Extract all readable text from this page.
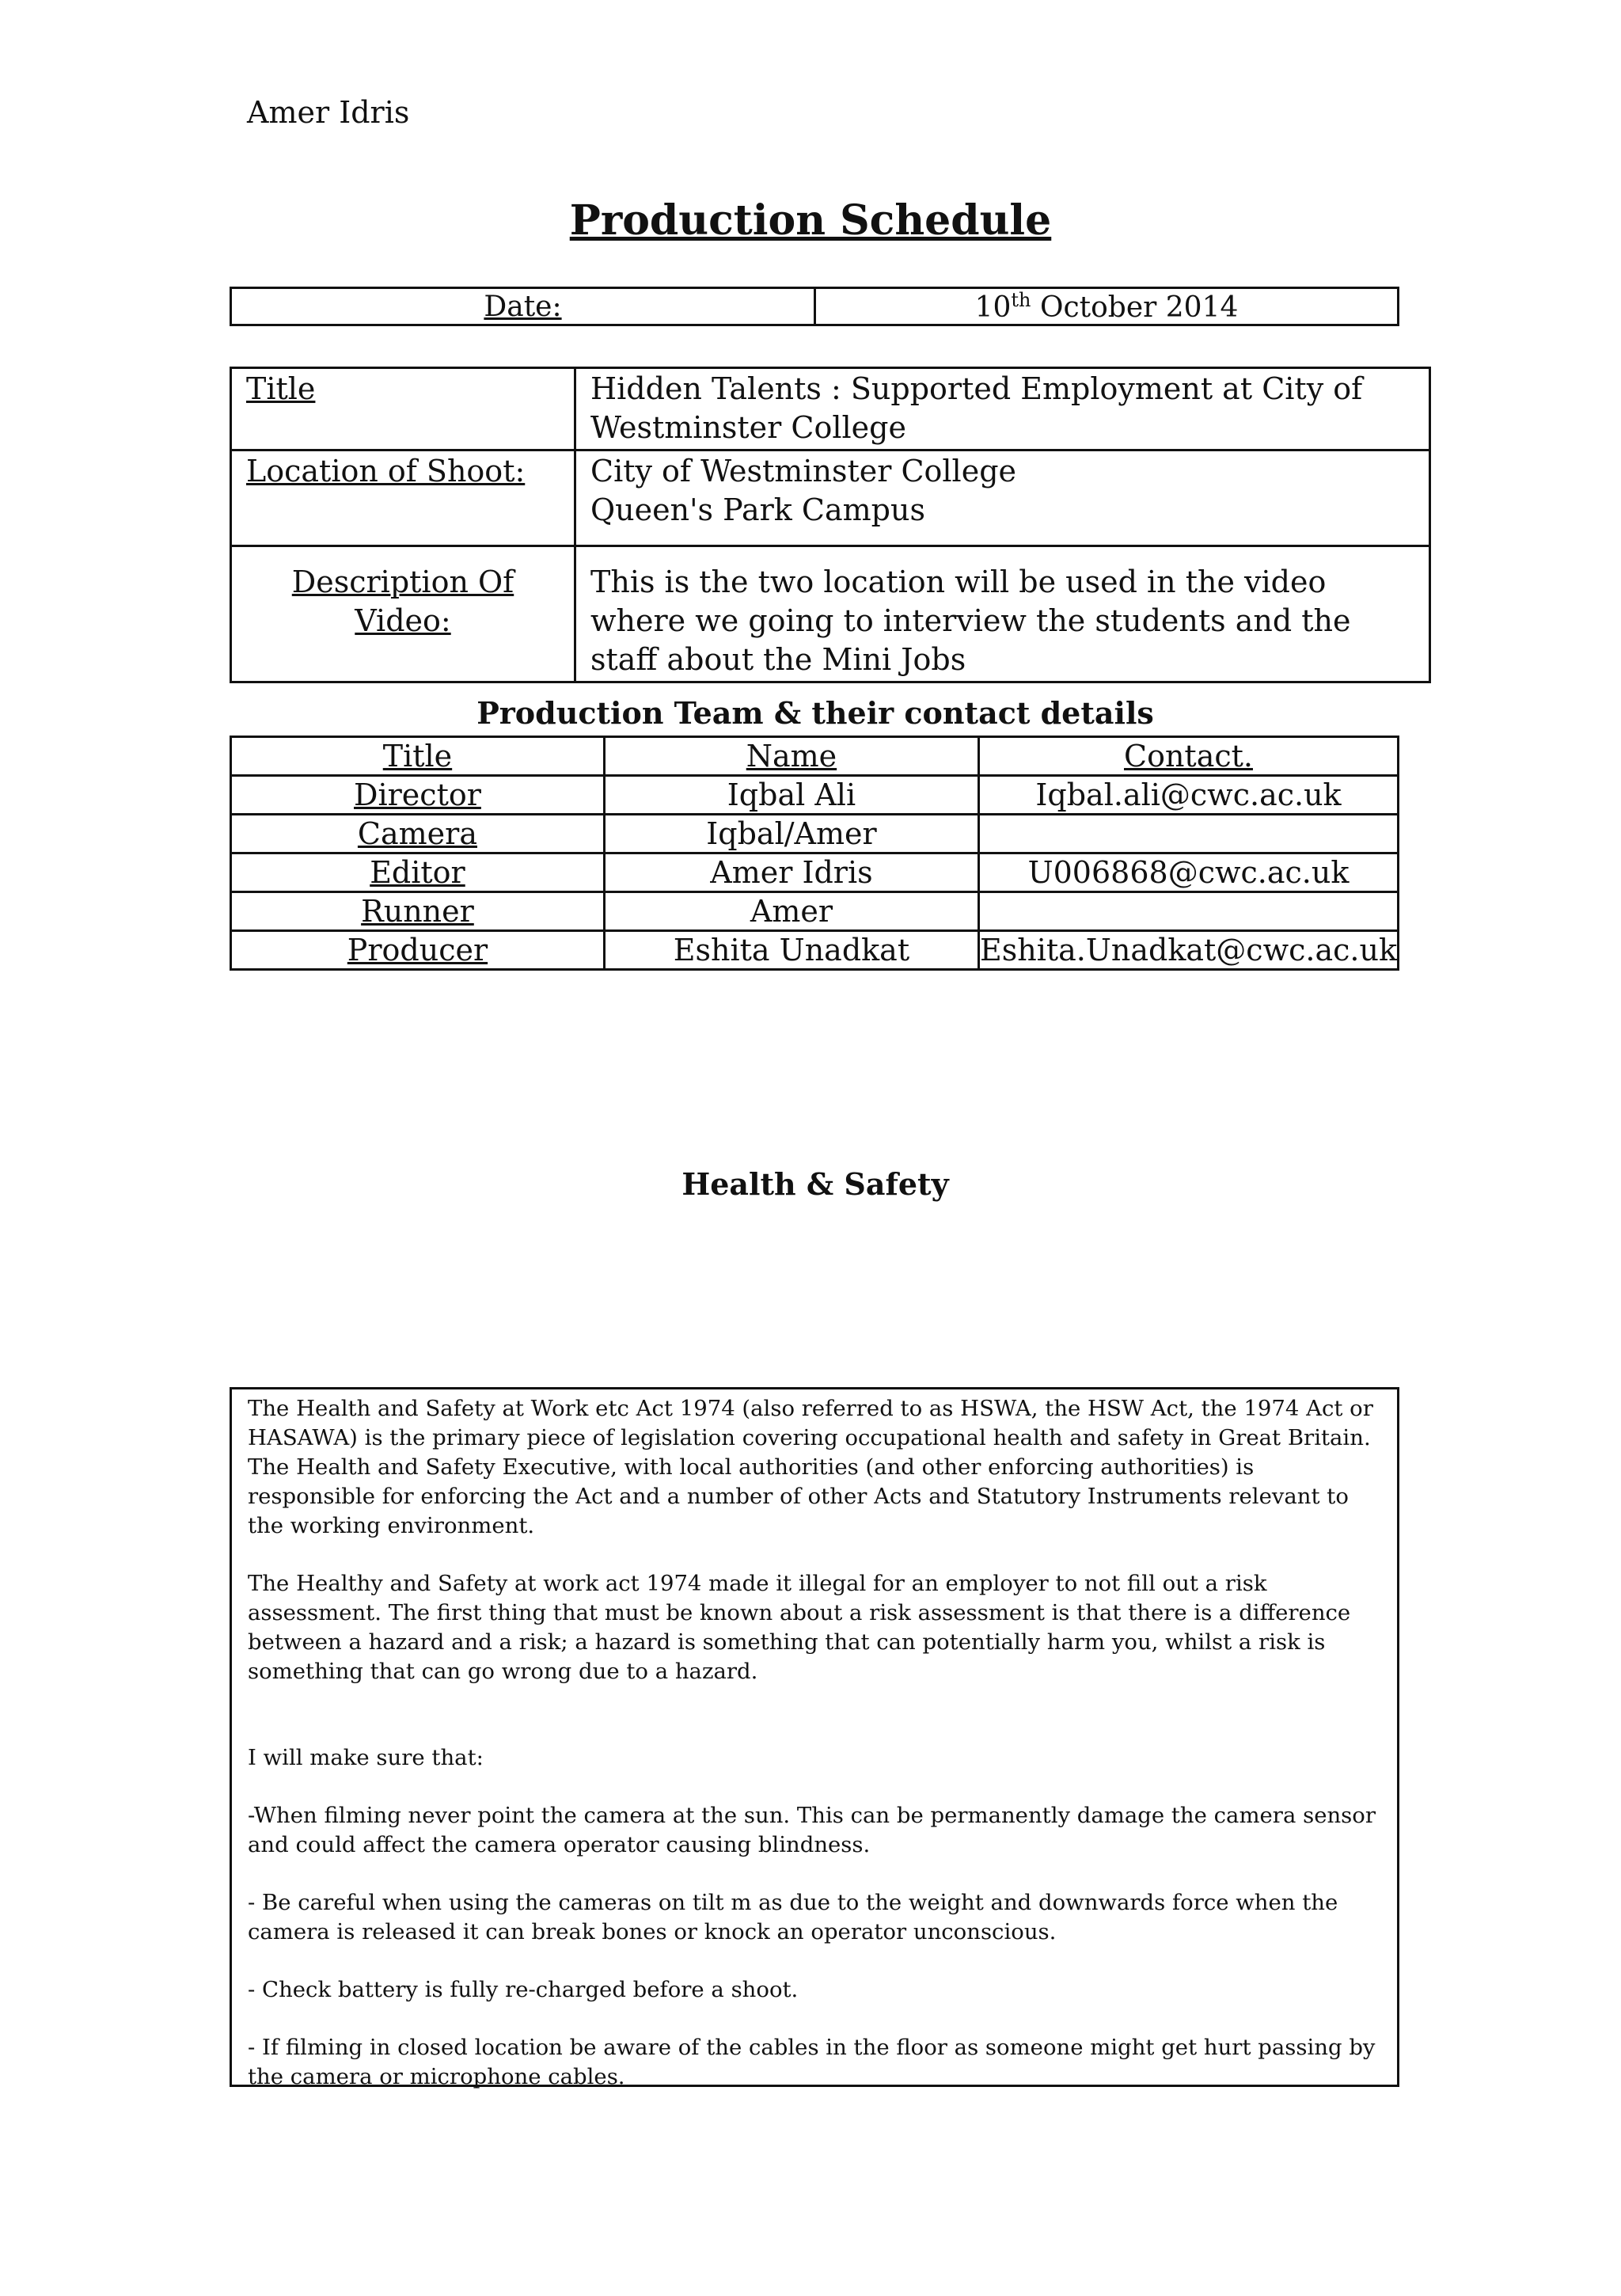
Amer Idris
Production Schedule
Date:	10th October 2014
Title	Hidden Talents : Supported Employment at City of Westminster College
Location of Shoot:	City of Westminster College
Queen's Park Campus

Description Of Video:	This is the two location will be used in the video where we going to interview the students and the staff about the Mini Jobs
Production Team & their contact details
Title	Name	Contact.
Director	Iqbal Ali	Iqbal.ali@cwc.ac.uk
Camera	Iqbal/Amer	
Editor	Amer Idris	U006868@cwc.ac.uk
Runner	Amer	
Producer	Eshita Unadkat	Eshita.Unadkat@cwc.ac.uk
Health & Safety

The Health and Safety at Work etc Act 1974 (also referred to as HSWA, the HSW Act, the 1974 Act or HASAWA) is the primary piece of legislation covering occupational health and safety in Great Britain. The Health and Safety Executive, with local authorities (and other enforcing authorities) is responsible for enforcing the Act and a number of other Acts and Statutory Instruments relevant to the working environment.

The Healthy and Safety at work act 1974 made it illegal for an employer to not fill out a risk assessment. The first thing that must be known about a risk assessment is that there is a difference between a hazard and a risk; a hazard is something that can potentially harm you, whilst a risk is something that can go wrong due to a hazard.

I will make sure that:

-When filming never point the camera at the sun. This can be permanently damage the camera sensor and could affect the camera operator causing blindness.

- Be careful when using the cameras on tilt m as due to the weight and downwards force when the camera is released it can break bones or knock an operator unconscious.

- Check battery is fully re-charged before a shoot.

- If filming in closed location be aware of the cables in the floor as someone might get hurt passing by the camera or microphone cables.
